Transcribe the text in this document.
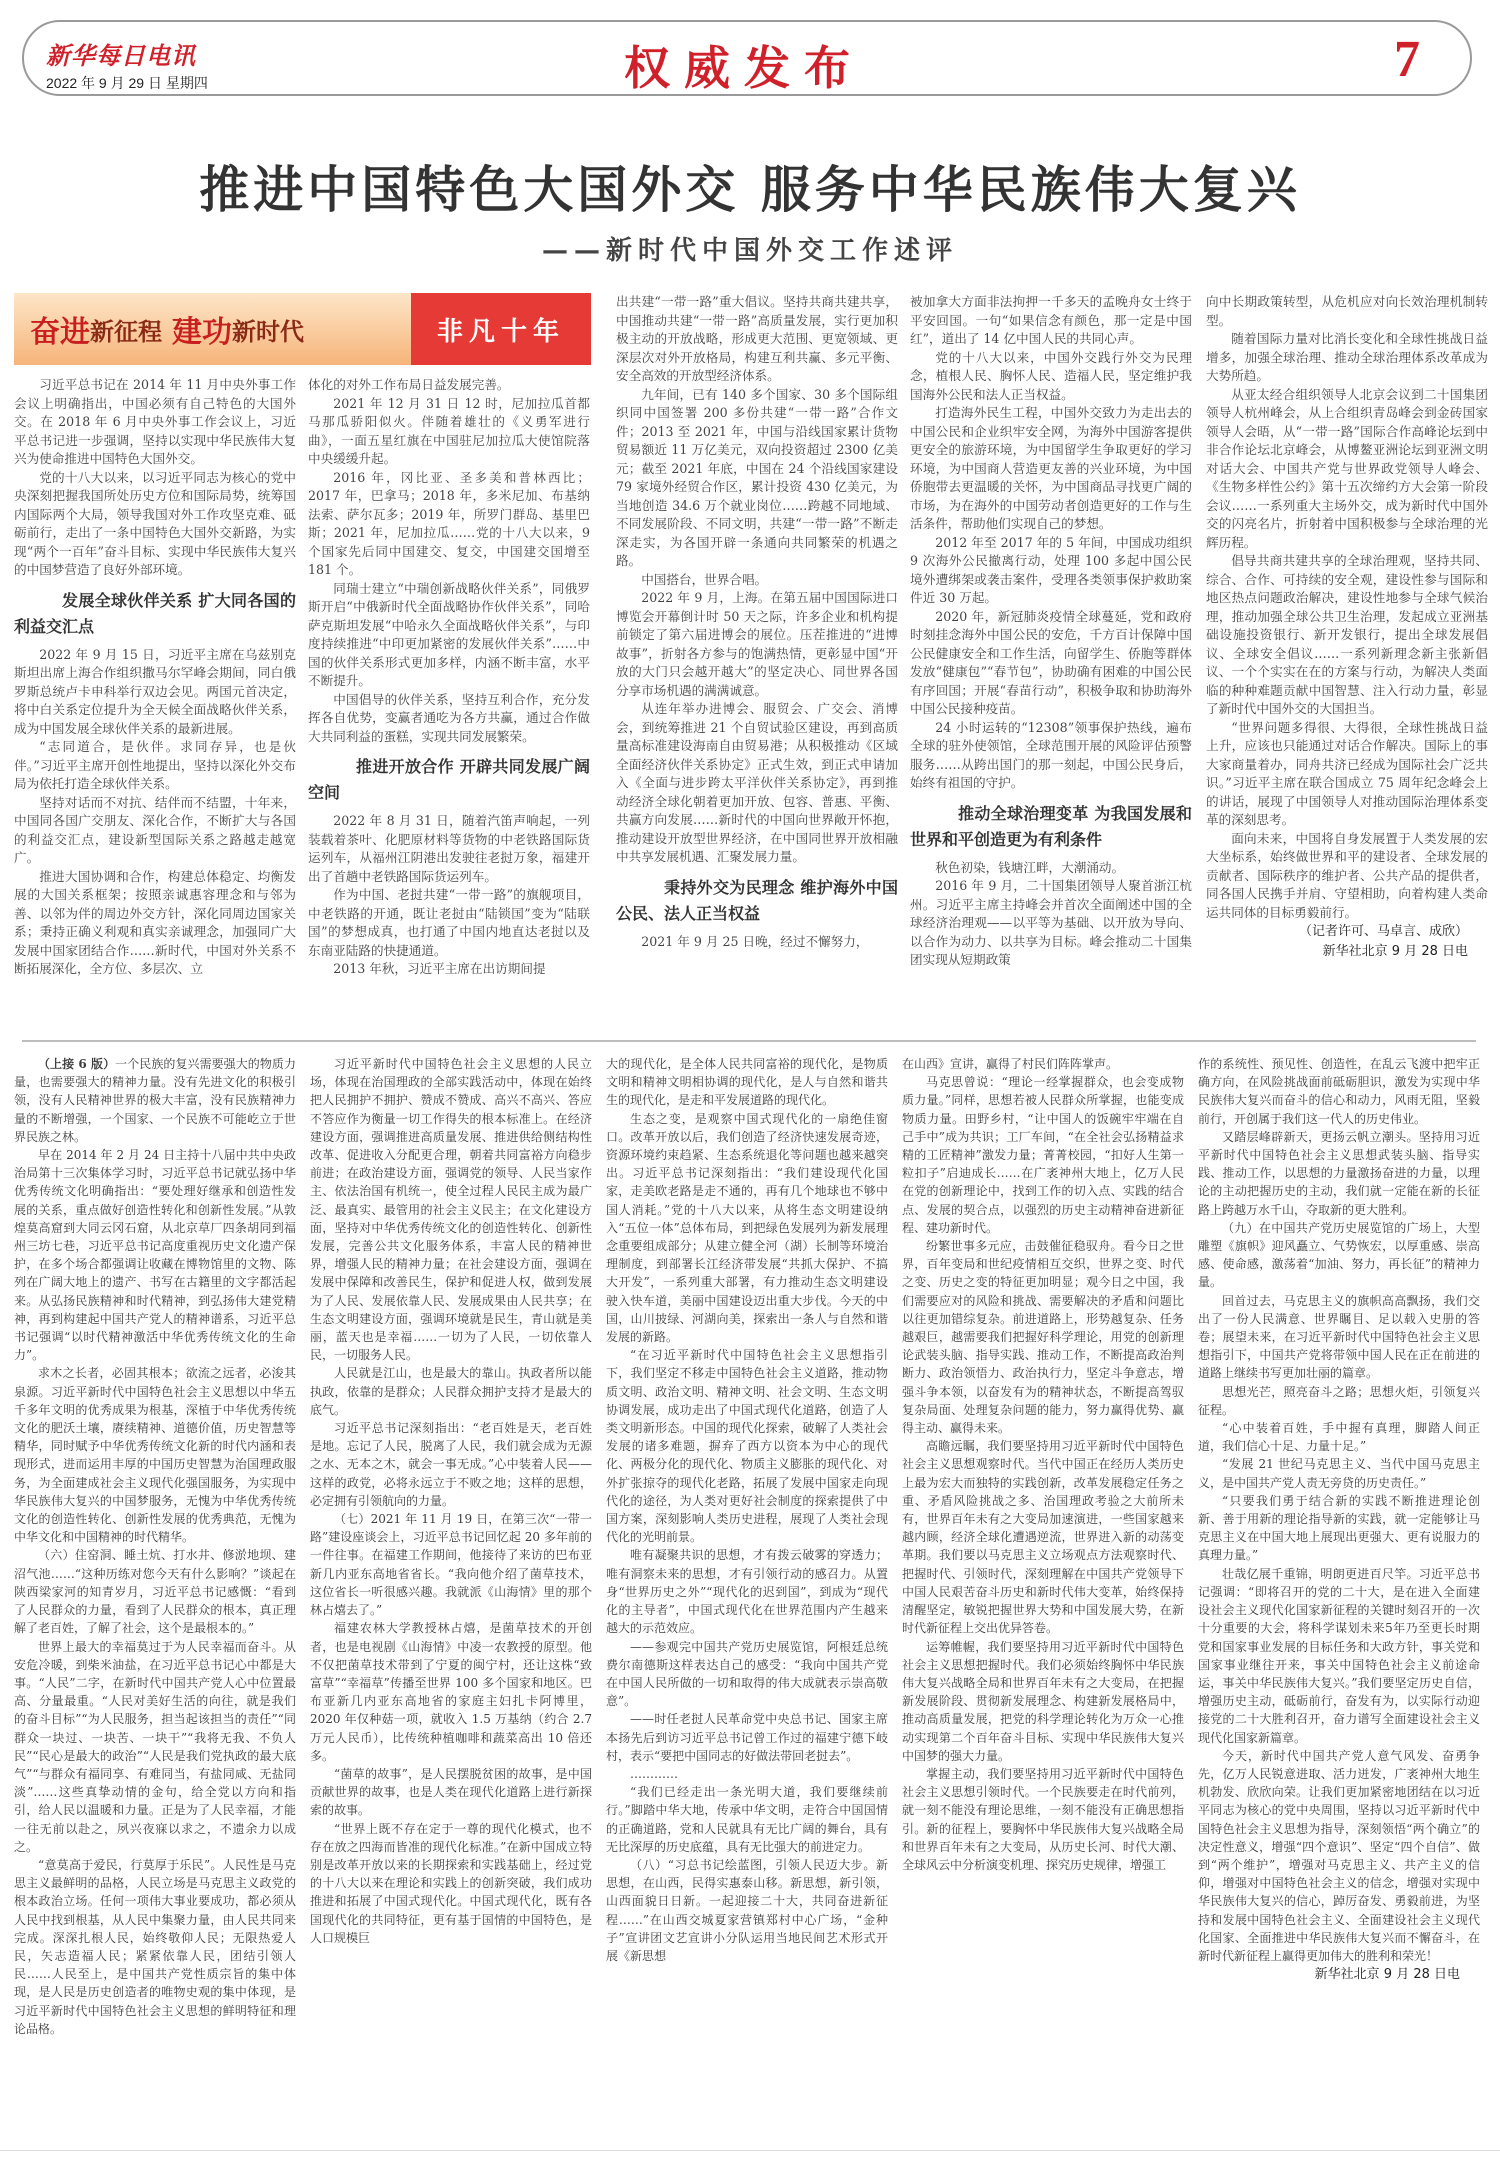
新华每日电讯
2022 年 9 月 29 日 星期四	权威发布	7
推进中国特色大国外交 服务中华民族伟大复兴
——新时代中国外交工作述评
奋进 新征程 建功 新时代	非凡十年

习近平总书记在 2014 年 11 月中央外事工作会议上明确指出，中国必须有自己特色的大国外交。在 2018 年 6 月中央外事工作会议上，习近平总书记进一步强调，坚持以实现中华民族伟大复兴为使命推进中国特色大国外交。

党的十八大以来，以习近平同志为核心的党中央深刻把握我国所处历史方位和国际局势，统筹国内国际两个大局，领导我国对外工作攻坚克难、砥砺前行，走出了一条中国特色大国外交新路，为实现“两个一百年”奋斗目标、实现中华民族伟大复兴的中国梦营造了良好外部环境。

发展全球伙伴关系 扩大同各国的利益交汇点

2022 年 9 月 15 日，习近平主席在乌兹别克斯坦出席上海合作组织撒马尔罕峰会期间，同白俄罗斯总统卢卡申科举行双边会见。两国元首决定，将中白关系定位提升为全天候全面战略伙伴关系，成为中国发展全球伙伴关系的最新进展。

“志同道合，是伙伴。求同存异，也是伙伴。”习近平主席开创性地提出，坚持以深化外交布局为依托打造全球伙伴关系。

坚持对话而不对抗、结伴而不结盟，十年来，中国同各国广交朋友、深化合作，不断扩大与各国的利益交汇点，建设新型国际关系之路越走越宽广。

推进大国协调和合作，构建总体稳定、均衡发展的大国关系框架；按照亲诚惠容理念和与邻为善、以邻为伴的周边外交方针，深化同周边国家关系；秉持正确义利观和真实亲诚理念，加强同广大发展中国家团结合作……新时代，中国对外关系不断拓展深化，全方位、多层次、立

体化的对外工作布局日益发展完善。

2021 年 12 月 31 日 12 时，尼加拉瓜首都马那瓜骄阳似火。伴随着雄壮的《义勇军进行曲》，一面五星红旗在中国驻尼加拉瓜大使馆院落中央缓缓升起。

2016 年，冈比亚、圣多美和普林西比；2017 年，巴拿马；2018 年，多米尼加、布基纳法索、萨尔瓦多；2019 年，所罗门群岛、基里巴斯；2021 年，尼加拉瓜……党的十八大以来，9 个国家先后同中国建交、复交，中国建交国增至 181 个。

同瑞士建立“中瑞创新战略伙伴关系”，同俄罗斯开启“中俄新时代全面战略协作伙伴关系”，同哈萨克斯坦发展“中哈永久全面战略伙伴关系”，与印度持续推进“中印更加紧密的发展伙伴关系”……中国的伙伴关系形式更加多样，内涵不断丰富，水平不断提升。

中国倡导的伙伴关系，坚持互利合作，充分发挥各自优势，变赢者通吃为各方共赢，通过合作做大共同利益的蛋糕，实现共同发展繁荣。

推进开放合作 开辟共同发展广阔空间

2022 年 8 月 31 日，随着汽笛声响起，一列装载着茶叶、化肥原材料等货物的中老铁路国际货运列车，从福州江阴港出发驶往老挝万象，福建开出了首趟中老铁路国际货运列车。

作为中国、老挝共建“一带一路”的旗舰项目，中老铁路的开通，既让老挝由“陆锁国”变为“陆联国”的梦想成真，也打通了中国内地直达老挝以及东南亚陆路的快捷通道。

2013 年秋，习近平主席在出访期间提

出共建“一带一路”重大倡议。坚持共商共建共享，中国推动共建“一带一路”高质量发展，实行更加积极主动的开放战略，形成更大范围、更宽领域、更深层次对外开放格局，构建互利共赢、多元平衡、安全高效的开放型经济体系。

九年间，已有 140 多个国家、30 多个国际组织同中国签署 200 多份共建“一带一路”合作文件；2013 至 2021 年，中国与沿线国家累计货物贸易额近 11 万亿美元，双向投资超过 2300 亿美元；截至 2021 年底，中国在 24 个沿线国家建设 79 家境外经贸合作区，累计投资 430 亿美元，为当地创造 34.6 万个就业岗位……跨越不同地域、不同发展阶段、不同文明，共建“一带一路”不断走深走实，为各国开辟一条通向共同繁荣的机遇之路。

中国搭台，世界合唱。

2022 年 9 月，上海。在第五届中国国际进口博览会开幕倒计时 50 天之际，许多企业和机构提前锁定了第六届进博会的展位。压茬推进的“进博故事”，折射各方参与的饱满热情，更彰显中国“开放的大门只会越开越大”的坚定决心、同世界各国分享市场机遇的满满诚意。

从连年举办进博会、服贸会、广交会、消博会，到统筹推进 21 个自贸试验区建设，再到高质量高标准建设海南自由贸易港；从积极推动《区域全面经济伙伴关系协定》正式生效，到正式申请加入《全面与进步跨太平洋伙伴关系协定》，再到推动经济全球化朝着更加开放、包容、普惠、平衡、共赢方向发展……新时代的中国向世界敞开怀抱，推动建设开放型世界经济，在中国同世界开放相融中共享发展机遇、汇聚发展力量。

秉持外交为民理念 维护海外中国公民、法人正当权益

2021 年 9 月 25 日晚，经过不懈努力，

被加拿大方面非法拘押一千多天的孟晚舟女士终于平安回国。一句“如果信念有颜色，那一定是中国红”，道出了 14 亿中国人民的共同心声。

党的十八大以来，中国外交践行外交为民理念，植根人民、胸怀人民、造福人民，坚定维护我国海外公民和法人正当权益。

打造海外民生工程，中国外交致力为走出去的中国公民和企业织牢安全网，为海外中国游客提供更安全的旅游环境，为中国留学生争取更好的学习环境，为中国商人营造更友善的兴业环境，为中国侨胞带去更温暖的关怀，为中国商品寻找更广阔的市场，为在海外的中国劳动者创造更好的工作与生活条件，帮助他们实现自己的梦想。

2012 年至 2017 年的 5 年间，中国成功组织 9 次海外公民撤离行动，处理 100 多起中国公民境外遭绑架或袭击案件，受理各类领事保护救助案件近 30 万起。

2020 年，新冠肺炎疫情全球蔓延，党和政府时刻挂念海外中国公民的安危，千方百计保障中国公民健康安全和工作生活，向留学生、侨胞等群体发放“健康包”“春节包”，协助确有困难的中国公民有序回国；开展“春苗行动”，积极争取和协助海外中国公民接种疫苗。

24 小时运转的“12308”领事保护热线，遍布全球的驻外使领馆，全球范围开展的风险评估预警服务……从跨出国门的那一刻起，中国公民身后，始终有祖国的守护。

推动全球治理变革 为我国发展和世界和平创造更为有利条件

秋色初染，钱塘江畔，大潮涌动。

2016 年 9 月，二十国集团领导人聚首浙江杭州。习近平主席主持峰会并首次全面阐述中国的全球经济治理观——以平等为基础、以开放为导向、以合作为动力、以共享为目标。峰会推动二十国集团实现从短期政策

向中长期政策转型，从危机应对向长效治理机制转型。

随着国际力量对比消长变化和全球性挑战日益增多，加强全球治理、推动全球治理体系改革成为大势所趋。

从亚太经合组织领导人北京会议到二十国集团领导人杭州峰会，从上合组织青岛峰会到金砖国家领导人会晤，从“一带一路”国际合作高峰论坛到中非合作论坛北京峰会，从博鳌亚洲论坛到亚洲文明对话大会、中国共产党与世界政党领导人峰会、《生物多样性公约》第十五次缔约方大会第一阶段会议……一系列重大主场外交，成为新时代中国外交的闪亮名片，折射着中国积极参与全球治理的光辉历程。

倡导共商共建共享的全球治理观，坚持共同、综合、合作、可持续的安全观，建设性参与国际和地区热点问题政治解决，建设性地参与全球气候治理，推动加强全球公共卫生治理，发起成立亚洲基础设施投资银行、新开发银行，提出全球发展倡议、全球安全倡议……一系列新理念新主张新倡议、一个个实实在在的方案与行动，为解决人类面临的种种难题贡献中国智慧、注入行动力量，彰显了新时代中国外交的大国担当。

“世界问题多得很、大得很，全球性挑战日益上升，应该也只能通过对话合作解决。国际上的事大家商量着办，同舟共济已经成为国际社会广泛共识。”习近平主席在联合国成立 75 周年纪念峰会上的讲话，展现了中国领导人对推动国际治理体系变革的深刻思考。

面向未来，中国将自身发展置于人类发展的宏大坐标系，始终做世界和平的建设者、全球发展的贡献者、国际秩序的维护者、公共产品的提供者，同各国人民携手并肩、守望相助，向着构建人类命运共同体的目标勇毅前行。

（记者许可、马卓言、成欣）
新华社北京 9 月 28 日电

（上接 6 版）一个民族的复兴需要强大的物质力量，也需要强大的精神力量。没有先进文化的积极引领，没有人民精神世界的极大丰富，没有民族精神力量的不断增强，一个国家、一个民族不可能屹立于世界民族之林。

早在 2014 年 2 月 24 日主持十八届中共中央政治局第十三次集体学习时，习近平总书记就弘扬中华优秀传统文化明确指出：“要处理好继承和创造性发展的关系，重点做好创造性转化和创新性发展。”从敦煌莫高窟到大同云冈石窟，从北京草厂四条胡同到福州三坊七巷，习近平总书记高度重视历史文化遗产保护，在多个场合都强调让收藏在博物馆里的文物、陈列在广阔大地上的遗产、书写在古籍里的文字都活起来。从弘扬民族精神和时代精神，到弘扬伟大建党精神，再到构建起中国共产党人的精神谱系，习近平总书记强调“以时代精神激活中华优秀传统文化的生命力”。

求木之长者，必固其根本；欲流之远者，必浚其泉源。习近平新时代中国特色社会主义思想以中华五千多年文明的优秀成果为根基，深植于中华优秀传统文化的肥沃土壤，赓续精神、道德价值，历史智慧等精华，同时赋予中华优秀传统文化新的时代内涵和表现形式，进而运用丰厚的中国历史智慧为治国理政服务，为全面建成社会主义现代化强国服务，为实现中华民族伟大复兴的中国梦服务，无愧为中华优秀传统文化的创造性转化、创新性发展的优秀典范，无愧为中华文化和中国精神的时代精华。

（六）住窑洞、睡土炕、打水井、修淤地坝、建沼气池……“这种历练对您今天有什么影响？”谈起在陕西梁家河的知青岁月，习近平总书记感慨：“看到了人民群众的力量，看到了人民群众的根本，真正理解了老百姓，了解了社会，这个是最根本的。”

世界上最大的幸福莫过于为人民幸福而奋斗。从安危冷暖，到柴米油盐，在习近平总书记心中都是大事。“人民”二字，在新时代中国共产党人心中位置最高、分量最重。“人民对美好生活的向往，就是我们的奋斗目标”“为人民服务，担当起该担当的责任”“同群众一块过、一块苦、一块干”“我将无我、不负人民”“民心是最大的政治”“人民是我们党执政的最大底气”“与群众有福同享、有难同当，有盐同咸、无盐同淡”……这些真挚动情的金句，给全党以方向和指引，给人民以温暖和力量。正是为了人民幸福，才能一往无前以赴之，夙兴夜寐以求之，不遗余力以成之。

“意莫高于爱民，行莫厚于乐民”。人民性是马克思主义最鲜明的品格，人民立场是马克思主义政党的根本政治立场。任何一项伟大事业要成功，都必须从人民中找到根基，从人民中集聚力量，由人民共同来完成。深深扎根人民，始终敬仰人民；无限热爱人民，矢志造福人民；紧紧依靠人民，团结引领人民……人民至上，是中国共产党性质宗旨的集中体现，是人民是历史创造者的唯物史观的集中体现，是习近平新时代中国特色社会主义思想的鲜明特征和理论品格。

习近平新时代中国特色社会主义思想的人民立场，体现在治国理政的全部实践活动中，体现在始终把人民拥护不拥护、赞成不赞成、高兴不高兴、答应不答应作为衡量一切工作得失的根本标准上。在经济建设方面，强调推进高质量发展、推进供给侧结构性改革、促进收入分配更合理，朝着共同富裕方向稳步前进；在政治建设方面，强调党的领导、人民当家作主、依法治国有机统一，使全过程人民民主成为最广泛、最真实、最管用的社会主义民主；在文化建设方面，坚持对中华优秀传统文化的创造性转化、创新性发展，完善公共文化服务体系，丰富人民的精神世界，增强人民的精神力量；在社会建设方面，强调在发展中保障和改善民生，保护和促进人权，做到发展为了人民、发展依靠人民、发展成果由人民共享；在生态文明建设方面，强调环境就是民生，青山就是美丽，蓝天也是幸福……一切为了人民，一切依靠人民，一切服务人民。

人民就是江山，也是最大的靠山。执政者所以能执政，依靠的是群众；人民群众拥护支持才是最大的底气。

习近平总书记深刻指出：“老百姓是天，老百姓是地。忘记了人民，脱离了人民，我们就会成为无源之水、无本之木，就会一事无成。”心中装着人民——这样的政党，必将永远立于不败之地；这样的思想，必定拥有引领航向的力量。

（七）2021 年 11 月 19 日，在第三次“一带一路”建设座谈会上，习近平总书记回忆起 20 多年前的一件往事。在福建工作期间，他接待了来访的巴布亚新几内亚东高地省省长。“我向他介绍了菌草技术，这位省长一听很感兴趣。我就派《山海情》里的那个林占熺去了。”

福建农林大学教授林占熺，是菌草技术的开创者，也是电视剧《山海情》中凌一农教授的原型。他不仅把菌草技术带到了宁夏的闽宁村，还让这株“致富草”“幸福草”传播至世界 100 多个国家和地区。巴布亚新几内亚东高地省的家庭主妇扎卡阿博里，2020 年仅种菇一项，就收入 1.5 万基纳（约合 2.7 万元人民币），比传统种植咖啡和蔬菜高出 10 倍还多。

“菌草的故事”，是人民摆脱贫困的故事，是中国贡献世界的故事，也是人类在现代化道路上进行新探索的故事。

“世界上既不存在定于一尊的现代化模式，也不存在放之四海而皆准的现代化标准。”在新中国成立特别是改革开放以来的长期探索和实践基础上，经过党的十八大以来在理论和实践上的创新突破，我们成功推进和拓展了中国式现代化。中国式现代化，既有各国现代化的共同特征，更有基于国情的中国特色，是人口规模巨

大的现代化，是全体人民共同富裕的现代化，是物质文明和精神文明相协调的现代化，是人与自然和谐共生的现代化，是走和平发展道路的现代化。

生态之变，是观察中国式现代化的一扇绝佳窗口。改革开放以后，我们创造了经济快速发展奇迹，资源环境约束趋紧、生态系统退化等问题也越来越突出。习近平总书记深刻指出：“我们建设现代化国家，走美欧老路是走不通的，再有几个地球也不够中国人消耗。”党的十八大以来，从将生态文明建设纳入“五位一体”总体布局，到把绿色发展列为新发展理念重要组成部分；从建立健全河（湖）长制等环境治理制度，到部署长江经济带发展“共抓大保护、不搞大开发”，一系列重大部署，有力推动生态文明建设驶入快车道，美丽中国建设迈出重大步伐。今天的中国，山川披绿、河湖向美，探索出一条人与自然和谐发展的新路。

“在习近平新时代中国特色社会主义思想指引下，我们坚定不移走中国特色社会主义道路，推动物质文明、政治文明、精神文明、社会文明、生态文明协调发展，成功走出了中国式现代化道路，创造了人类文明新形态。中国的现代化探索，破解了人类社会发展的诸多难题，摒弃了西方以资本为中心的现代化、两极分化的现代化、物质主义膨胀的现代化、对外扩张掠夺的现代化老路，拓展了发展中国家走向现代化的途径，为人类对更好社会制度的探索提供了中国方案，深刻影响人类历史进程，展现了人类社会现代化的光明前景。

唯有凝聚共识的思想，才有拨云破雾的穿透力；唯有洞察未来的思想，才有引领行动的感召力。从置身“世界历史之外”“现代化的迟到国”，到成为“现代化的主导者”，中国式现代化在世界范围内产生越来越大的示范效应。

——参观完中国共产党历史展览馆，阿根廷总统费尔南德斯这样表达自己的感受：“我向中国共产党在中国人民所做的一切和取得的伟大成就表示崇高敬意”。

——时任老挝人民革命党中央总书记、国家主席本扬先后到访习近平总书记曾工作过的福建宁德下岐村，表示“要把中国同志的好做法带回老挝去”。

…………

“我们已经走出一条光明大道，我们要继续前行。”脚踏中华大地，传承中华文明，走符合中国国情的正确道路，党和人民就具有无比广阔的舞台，具有无比深厚的历史底蕴，具有无比强大的前进定力。

（八）“习总书记绘蓝图，引领人民迈大步。新思想，在山西，民得实惠泰山移。新思想，新引领，山西面貌日日新。一起迎接二十大，共同奋进新征程……”在山西交城夏家营镇郑村中心广场，“金种子”宣讲团文艺宣讲小分队运用当地民间艺术形式开展《新思想

在山西》宣讲，赢得了村民们阵阵掌声。

马克思曾说：“理论一经掌握群众，也会变成物质力量。”同样，思想若被人民群众所掌握，也能变成物质力量。田野乡村，“让中国人的饭碗牢牢端在自己手中”成为共识；工厂车间，“在全社会弘扬精益求精的工匠精神”激发力量；菁菁校园，“扣好人生第一粒扣子”启迪成长……在广袤神州大地上，亿万人民在党的创新理论中，找到工作的切入点、实践的结合点、发展的契合点，以强烈的历史主动精神奋进新征程、建功新时代。

纷繁世事多元应，击鼓催征稳驭舟。看今日之世界，百年变局和世纪疫情相互交织，世界之变、时代之变、历史之变的特征更加明显；观今日之中国，我们需要应对的风险和挑战、需要解决的矛盾和问题比以往更加错综复杂。前进道路上，形势越复杂、任务越艰巨，越需要我们把握好科学理论，用党的创新理论武装头脑、指导实践、推动工作，不断提高政治判断力、政治领悟力、政治执行力，坚定斗争意志，增强斗争本领，以奋发有为的精神状态，不断提高驾驭复杂局面、处理复杂问题的能力，努力赢得优势、赢得主动、赢得未来。

高瞻远瞩，我们要坚持用习近平新时代中国特色社会主义思想观察时代。当代中国正在经历人类历史上最为宏大而独特的实践创新，改革发展稳定任务之重、矛盾风险挑战之多、治国理政考验之大前所未有，世界百年未有之大变局加速演进，一些国家越来越内顾，经济全球化遭遇逆流，世界进入新的动荡变革期。我们要以马克思主义立场观点方法观察时代、把握时代、引领时代，深刻理解在中国共产党领导下中国人民艰苦奋斗历史和新时代伟大变革，始终保持清醒坚定，敏锐把握世界大势和中国发展大势，在新时代新征程上交出优异答卷。

运筹帷幄，我们要坚持用习近平新时代中国特色社会主义思想把握时代。我们必须始终胸怀中华民族伟大复兴战略全局和世界百年未有之大变局，在把握新发展阶段、贯彻新发展理念、构建新发展格局中，推动高质量发展，把党的科学理论转化为万众一心推动实现第二个百年奋斗目标、实现中华民族伟大复兴中国梦的强大力量。

掌握主动，我们要坚持用习近平新时代中国特色社会主义思想引领时代。一个民族要走在时代前列，就一刻不能没有理论思维，一刻不能没有正确思想指引。新的征程上，要胸怀中华民族伟大复兴战略全局和世界百年未有之大变局，从历史长河、时代大潮、全球风云中分析演变机理、探究历史规律，增强工

作的系统性、预见性、创造性，在乱云飞渡中把牢正确方向，在风险挑战面前砥砺胆识，激发为实现中华民族伟大复兴而奋斗的信心和动力，风雨无阻，坚毅前行，开创属于我们这一代人的历史伟业。

又踏层峰辟新天，更扬云帆立潮头。坚持用习近平新时代中国特色社会主义思想武装头脑、指导实践、推动工作，以思想的力量激扬奋进的力量，以理论的主动把握历史的主动，我们就一定能在新的长征路上跨越万水千山，夺取新的更大胜利。

（九）在中国共产党历史展览馆的广场上，大型雕塑《旗帜》迎风矗立、气势恢宏，以厚重感、崇高感、使命感，激荡着“加油、努力，再长征”的精神力量。

回首过去，马克思主义的旗帜高高飘扬，我们交出了一份人民满意、世界瞩目、足以载入史册的答卷；展望未来，在习近平新时代中国特色社会主义思想指引下，中国共产党将带领中国人民在正在前进的道路上继续书写更加壮丽的篇章。

思想光芒，照亮奋斗之路；思想火炬，引领复兴征程。

“心中装着百姓，手中握有真理，脚踏人间正道，我们信心十足、力量十足。”

“发展 21 世纪马克思主义、当代中国马克思主义，是中国共产党人责无旁贷的历史责任。”

“只要我们勇于结合新的实践不断推进理论创新、善于用新的理论指导新的实践，就一定能够让马克思主义在中国大地上展现出更强大、更有说服力的真理力量。”

壮哉亿展千重锦，明朗更进百尺竿。习近平总书记强调：“即将召开的党的二十大，是在进入全面建设社会主义现代化国家新征程的关键时刻召开的一次十分重要的大会，将科学谋划未来5年乃至更长时期党和国家事业发展的目标任务和大政方针，事关党和国家事业继往开来，事关中国特色社会主义前途命运，事关中华民族伟大复兴。”我们要坚定历史自信，增强历史主动，砥砺前行，奋发有为，以实际行动迎接党的二十大胜利召开，奋力谱写全面建设社会主义现代化国家新篇章。

今天，新时代中国共产党人意气风发、奋勇争先，亿万人民锐意进取、活力迸发，广袤神州大地生机勃发、欣欣向荣。让我们更加紧密地团结在以习近平同志为核心的党中央周围，坚持以习近平新时代中国特色社会主义思想为指导，深刻领悟“两个确立”的决定性意义，增强“四个意识”、坚定“四个自信”、做到“两个维护”，增强对马克思主义、共产主义的信仰，增强对中国特色社会主义的信念，增强对实现中华民族伟大复兴的信心，踔厉奋发、勇毅前进，为坚持和发展中国特色社会主义、全面建设社会主义现代化国家、全面推进中华民族伟大复兴而不懈奋斗，在新时代新征程上赢得更加伟大的胜利和荣光！

新华社北京 9 月 28 日电
